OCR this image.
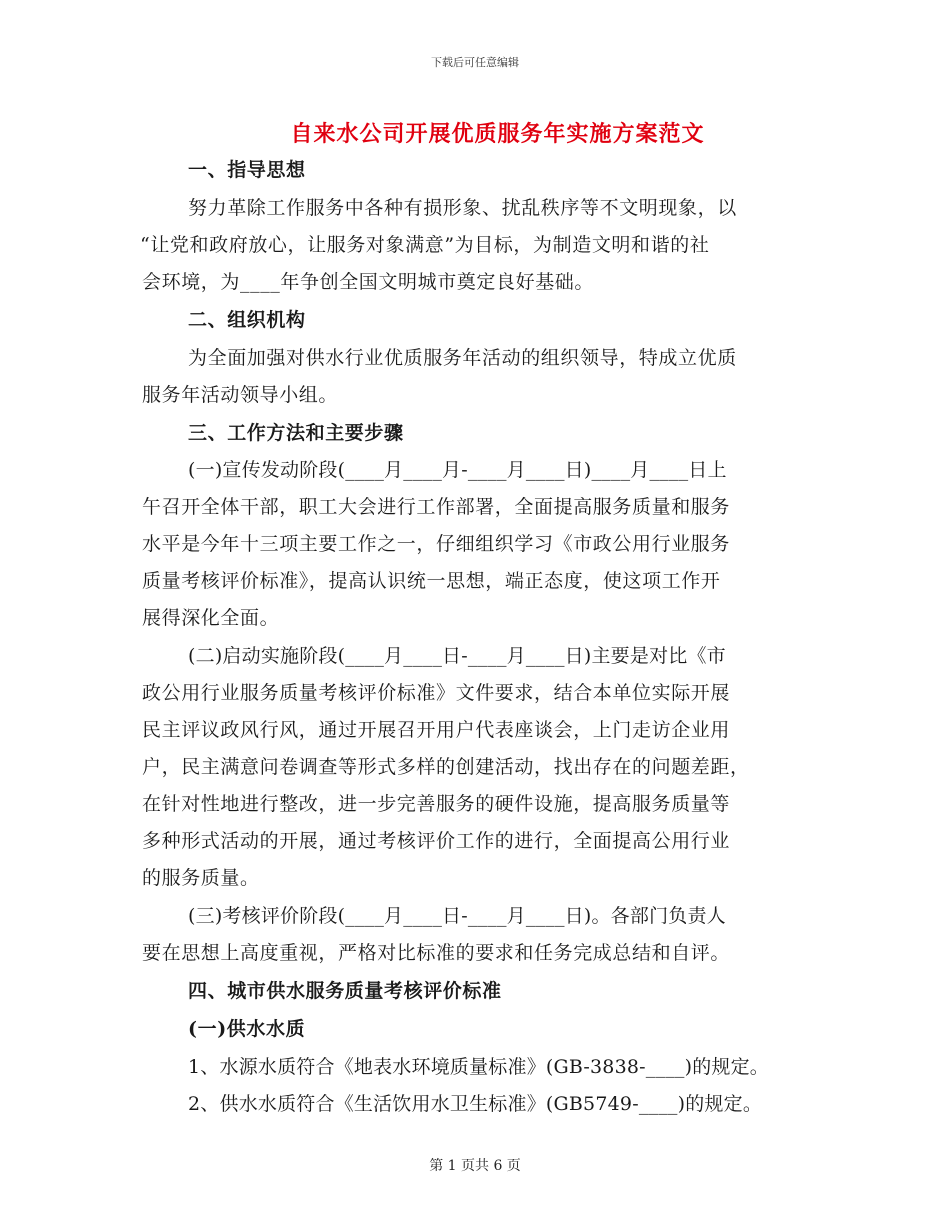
下载后可任意编辑
自来水公司开展优质服务年实施方案范文
一、指导思想
努力革除工作服务中各种有损形象、扰乱秩序等不文明现象，以
“让党和政府放心，让服务对象满意”为目标，为制造文明和谐的社
会环境，为____年争创全国文明城市奠定良好基础。
二、组织机构
为全面加强对供水行业优质服务年活动的组织领导，特成立优质
服务年活动领导小组。
三、工作方法和主要步骤
(一)宣传发动阶段(____月____月-____月____日)____月____日上
午召开全体干部，职工大会进行工作部署，全面提高服务质量和服务
水平是今年十三项主要工作之一，仔细组织学习《市政公用行业服务
质量考核评价标准》，提高认识统一思想，端正态度，使这项工作开
展得深化全面。
(二)启动实施阶段(____月____日-____月____日)主要是对比《市
政公用行业服务质量考核评价标准》文件要求，结合本单位实际开展
民主评议政风行风，通过开展召开用户代表座谈会，上门走访企业用
户，民主满意问卷调查等形式多样的创建活动，找出存在的问题差距，
在针对性地进行整改，进一步完善服务的硬件设施，提高服务质量等
多种形式活动的开展，通过考核评价工作的进行，全面提高公用行业
的服务质量。
(三)考核评价阶段(____月____日-____月____日)。各部门负责人
要在思想上高度重视，严格对比标准的要求和任务完成总结和自评。
四、城市供水服务质量考核评价标准
(一)供水水质
1、水源水质符合《地表水环境质量标准》(GB-3838-____)的规定。
2、供水水质符合《生活饮用水卫生标准》(GB5749-____)的规定。
第 1 页共 6 页
